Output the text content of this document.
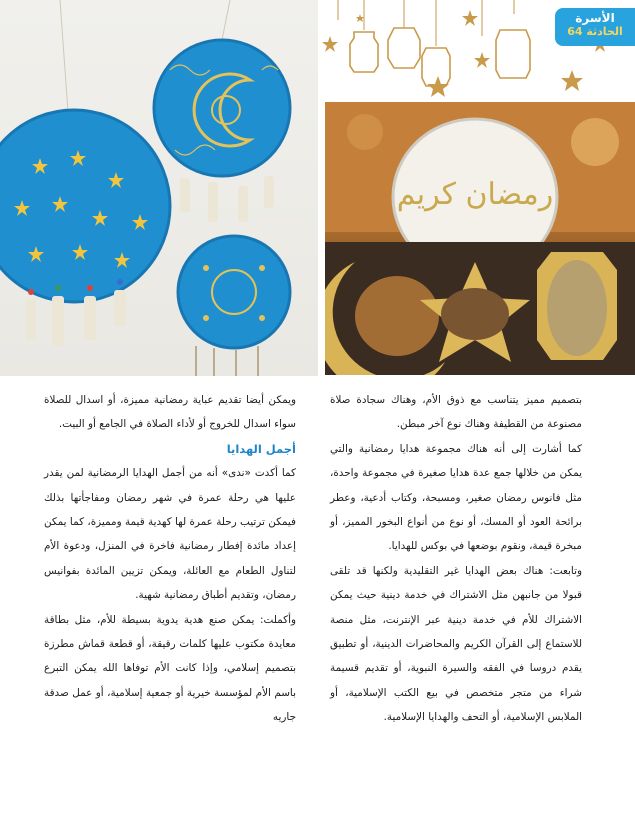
الأسرة
الحادثة 64
رمضان كريم

بتصميم مميز يتناسب مع ذوق الأم، وهناك سجادة صلاة مصنوعة من القطيفة وهناك نوع آخر مبطن.

كما أشارت إلى أنه هناك مجموعة هدايا رمضانية والتي يمكن من خلالها جمع عدة هدايا صغيرة في مجموعة واحدة، مثل فانوس رمضان صغير، ومسبحة، وكتاب أدعية، وعطر برائحة العود أو المسك، أو نوع من أنواع البخور المميز، أو مبخرة قيمة، ونقوم بوضعها في بوكس للهدايا.

وتابعت: هناك بعض الهدايا غير التقليدية ولكنها قد تلقى قبولا من جانبهن مثل الاشتراك في خدمة دينية حيث يمكن الاشتراك للأم في خدمة دينية عبر الإنترنت، مثل منصة للاستماع إلى القرآن الكريم والمحاضرات الدينية، أو تطبيق يقدم دروسا في الفقه والسيرة النبوية، أو تقديم قسيمة شراء من متجر متخصص في بيع الكتب الإسلامية، أو الملابس الإسلامية، أو التحف والهدايا الإسلامية.

ويمكن أيضا تقديم عباية رمضانية مميزة، أو اسدال للصلاة سواء اسدال للخروج أو لأداء الصلاة في الجامع أو البيت.

أجمل الهدايا

كما أكدت «ندى» أنه من أجمل الهدايا الرمضانية لمن يقدر عليها هي رحلة عمرة في شهر رمضان ومفاجأتها بذلك فيمكن ترتيب رحلة عمرة لها كهدية قيمة ومميزة، كما يمكن إعداد مائدة إفطار رمضانية فاخرة في المنزل، ودعوة الأم لتناول الطعام مع العائلة، ويمكن تزيين المائدة بفوانيس رمضان، وتقديم أطباق رمضانية شهية.

وأكملت: يمكن صنع هدية يدوية بسيطة للأم، مثل بطاقة معايدة مكتوب عليها كلمات رقيقة، أو قطعة قماش مطرزة بتصميم إسلامي، وإذا كانت الأم توفاها الله يمكن التبرع باسم الأم لمؤسسة خيرية أو جمعية إسلامية، أو عمل صدقة جاريه
